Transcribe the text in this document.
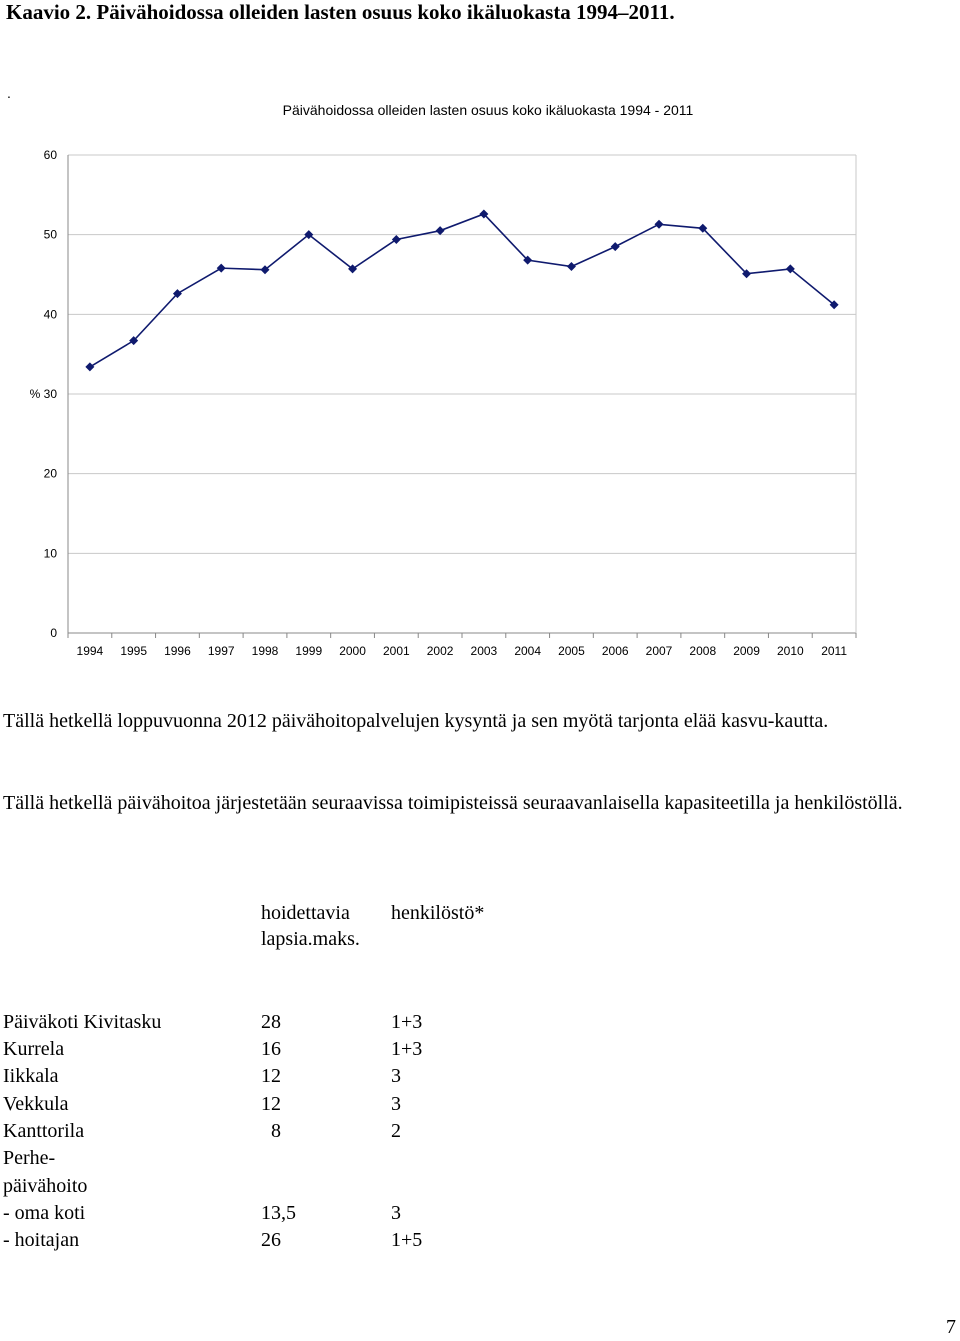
Kaavio 2. Päivähoidossa olleiden lasten osuus koko ikäluokasta 1994–2011.
.
Päivähoidossa olleiden lasten osuus koko ikäluokasta 1994 - 2011
0
10
20
% 30
40
50
60
1994 1995 1996 1997 1998 1999 2000 2001 2002 2003 2004 2005 2006 2007 2008 2009 2010 2011
Tällä hetkellä loppuvuonna 2012 päivähoitopalvelujen kysyntä ja sen myötä tarjonta elää kasvu-kautta.
Tällä hetkellä päivähoitoa järjestetään seuraavissa toimipisteissä seuraavanlaisella kapasiteetilla ja henkilöstöllä.
hoidettavia
lapsia.maks.
henkilöstö*
Päiväkoti Kivitasku	28	1+3
Kurrela	16	1+3
Iikkala	12	3
Vekkula	12	3
Kanttorila	8	2
Perhe-
päivähoito
- oma koti	13,5	3
- hoitajan	26	1+5
7
